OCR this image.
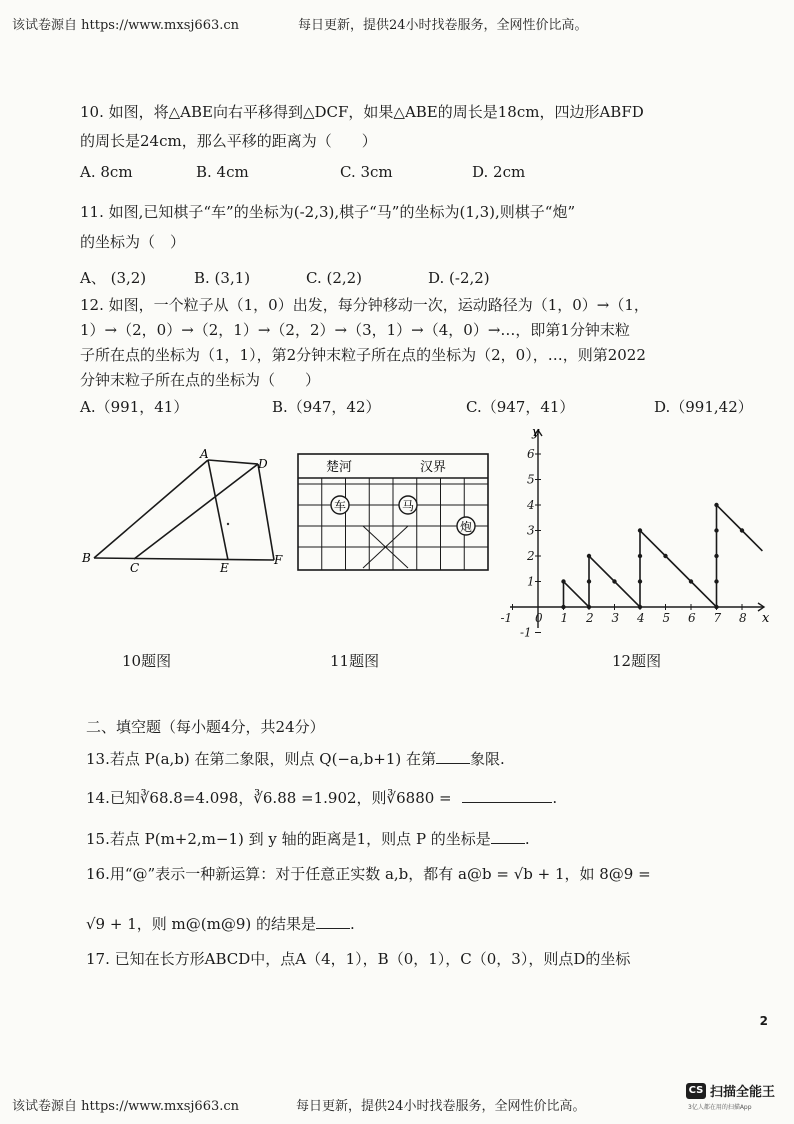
该试卷源自 https://www.mxsj663.cn	每日更新，提供24小时找卷服务，全网性价比高。
10. 如图，将△ABE向右平移得到△DCF，如果△ABE的周长是18cm，四边形ABFD
的周长是24cm，那么平移的距离为（　　）
A. 8cm	B. 4cm	C. 3cm	D. 2cm
11. 如图,已知棋子“车”的坐标为(-2,3),棋子“马”的坐标为(1,3),则棋子“炮”
的坐标为（　）
A、 (3,2)	B. (3,1)	C. (2,2)	D. (-2,2)
12. 如图，一个粒子从（1，0）出发，每分钟移动一次，运动路径为（1，0）→（1，
1）→（2，0）→（2，1）→（2，2）→（3，1）→（4，0）→…，即第1分钟末粒
子所在点的坐标为（1，1），第2分钟末粒子所在点的坐标为（2，0），…，则第2022
分钟末粒子所在点的坐标为（　　）
A.（991，41）	B.（947，42）	C.（947，41）	D.（991,42）
A
D
B
C	E
F
楚河	汉界
车	马
炮
-1 0 1 2 3 4 5 6 7 8
-1
1
2
3
4
5
6
x
y
10题图	11题图	12题图
二、填空题（每小题4分，共24分）
13.若点 P(a,b) 在第二象限，则点 Q(−a,b+1) 在第 象限.
14.已知∛68.8=4.098，∛6.88 =1.902，则∛6880 =	.
15.若点 P(m+2,m−1) 到 y 轴的距离是1，则点 P 的坐标是 .
16.用“@”表示一种新运算：对于任意正实数 a,b，都有 a@b = √b + 1，如 8@9 =
√9 + 1，则 m@(m@9) 的结果是 .
17. 已知在长方形ABCD中，点A（4，1），B（0，1），C（0，3），则点D的坐标
2
该试卷源自 https://www.mxsj663.cn	每日更新，提供24小时找卷服务，全网性价比高。
CS 扫描全能王
3亿人都在用的扫描App
